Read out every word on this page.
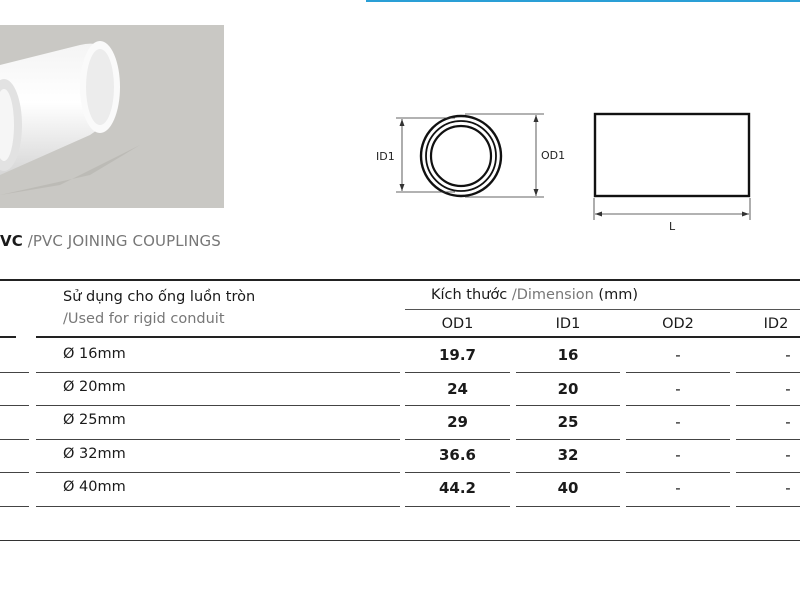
VC /PVC JOINING COUPLINGS
ID1	OD1
L
Sử dụng cho ống luồn tròn
/Used for rigid conduit
Kích thước /Dimension (mm)
OD1	ID1	OD2	ID2
Ø 16mm	19.7	16	-	-
Ø 20mm	24	20	-	-
Ø 25mm	29	25	-	-
Ø 32mm	36.6	32	-	-
Ø 40mm	44.2	40	-	-
